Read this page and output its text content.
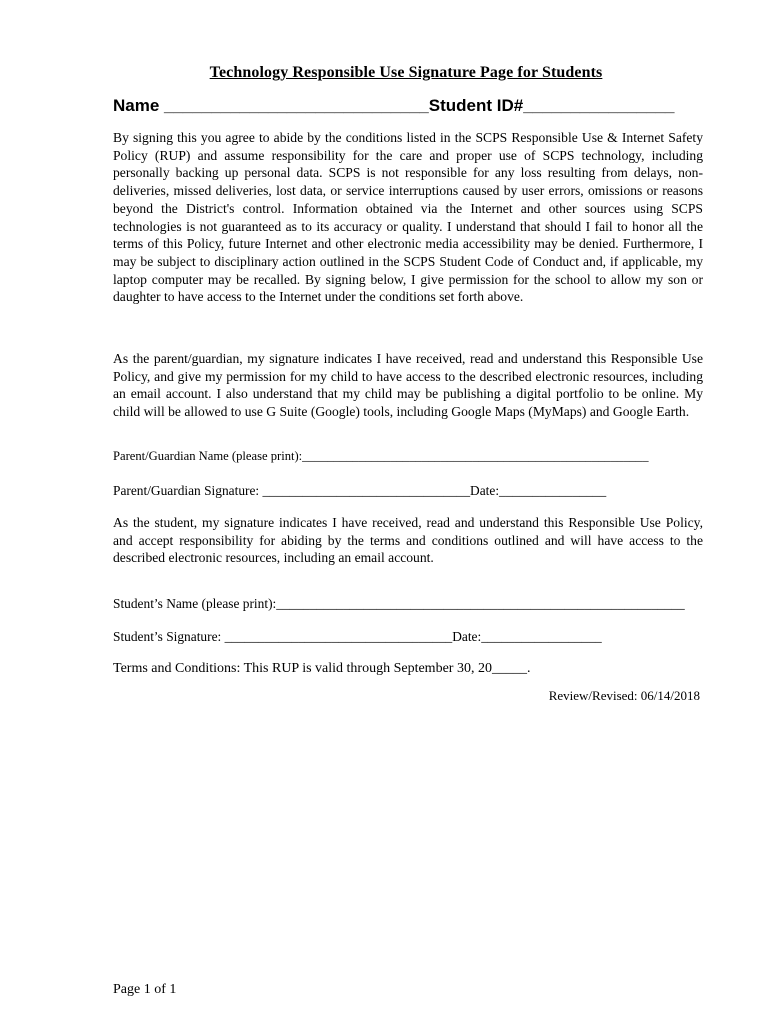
Technology Responsible Use Signature Page for Students
Name ____________________________Student ID#________________
By signing this you agree to abide by the conditions listed in the SCPS Responsible Use & Internet Safety Policy (RUP) and assume responsibility for the care and proper use of SCPS technology, including personally backing up personal data. SCPS is not responsible for any loss resulting from delays, non-deliveries, missed deliveries, lost data, or service interruptions caused by user errors, omissions or reasons beyond the District's control. Information obtained via the Internet and other sources using SCPS technologies is not guaranteed as to its accuracy or quality. I understand that should I fail to honor all the terms of this Policy, future Internet and other electronic media accessibility may be denied. Furthermore, I may be subject to disciplinary action outlined in the SCPS Student Code of Conduct and, if applicable, my laptop computer may be recalled. By signing below, I give permission for the school to allow my son or daughter to have access to the Internet under the conditions set forth above.
As the parent/guardian, my signature indicates I have received, read and understand this Responsible Use Policy, and give my permission for my child to have access to the described electronic resources, including an email account. I also understand that my child may be publishing a digital portfolio to be online. My child will be allowed to use G Suite (Google) tools, including Google Maps (MyMaps) and Google Earth.
Parent/Guardian Name (please print):_______________________________________________________
Parent/Guardian Signature: _______________________________Date:________________
As the student, my signature indicates I have received, read and understand this Responsible Use Policy, and accept responsibility for abiding by the terms and conditions outlined and will have access to the described electronic resources, including an email account.
Student’s Name (please print):_____________________________________________________________
Student’s Signature: __________________________________Date:__________________
Terms and Conditions: This RUP is valid through September 30, 20_____.
Review/Revised: 06/14/2018
Page 1 of 1
